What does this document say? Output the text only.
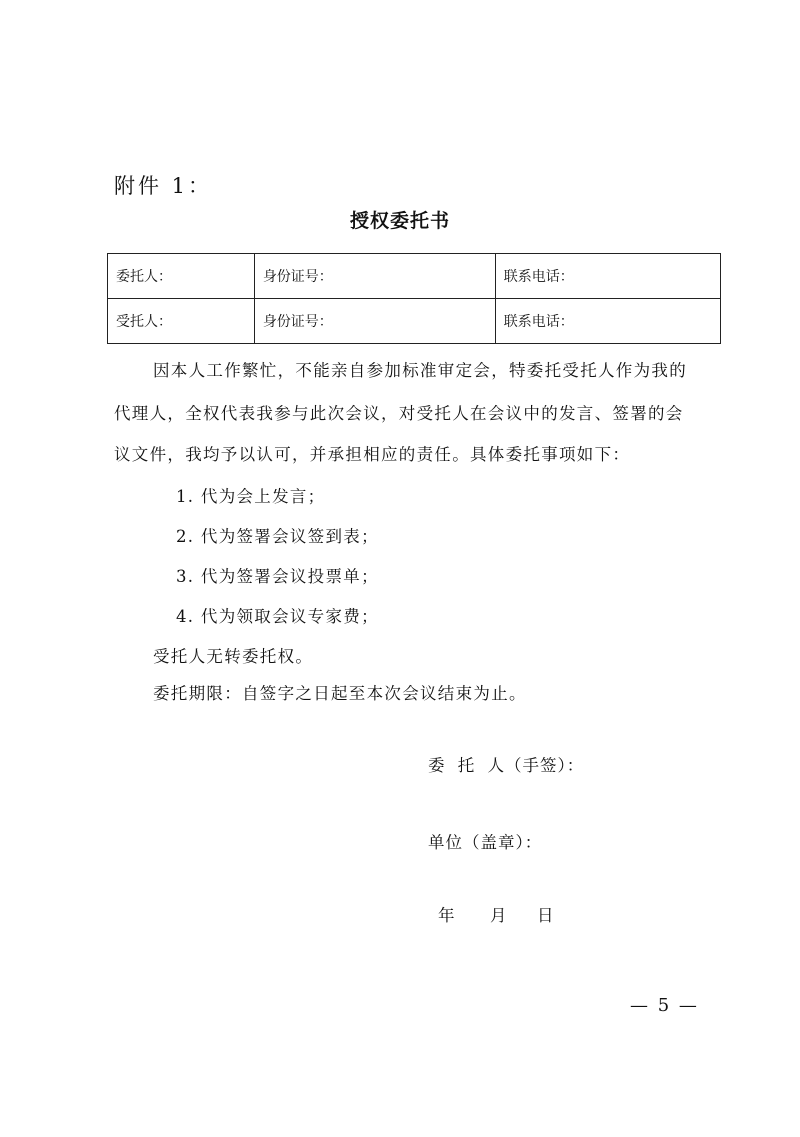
附件 1：
授权委托书
委托人：	身份证号：	联系电话：
受托人：	身份证号：	联系电话：
因本人工作繁忙，不能亲自参加标准审定会，特委托受托人作为我的
代理人，全权代表我参与此次会议，对受托人在会议中的发言、签署的会
议文件，我均予以认可，并承担相应的责任。具体委托事项如下：
1. 代为会上发言；
2. 代为签署会议签到表；
3. 代为签署会议投票单；
4. 代为领取会议专家费；
受托人无转委托权。
委托期限：自签字之日起至本次会议结束为止。
委 托 人（手签）：
单位（盖章）：
年 月 日
— 5 —
